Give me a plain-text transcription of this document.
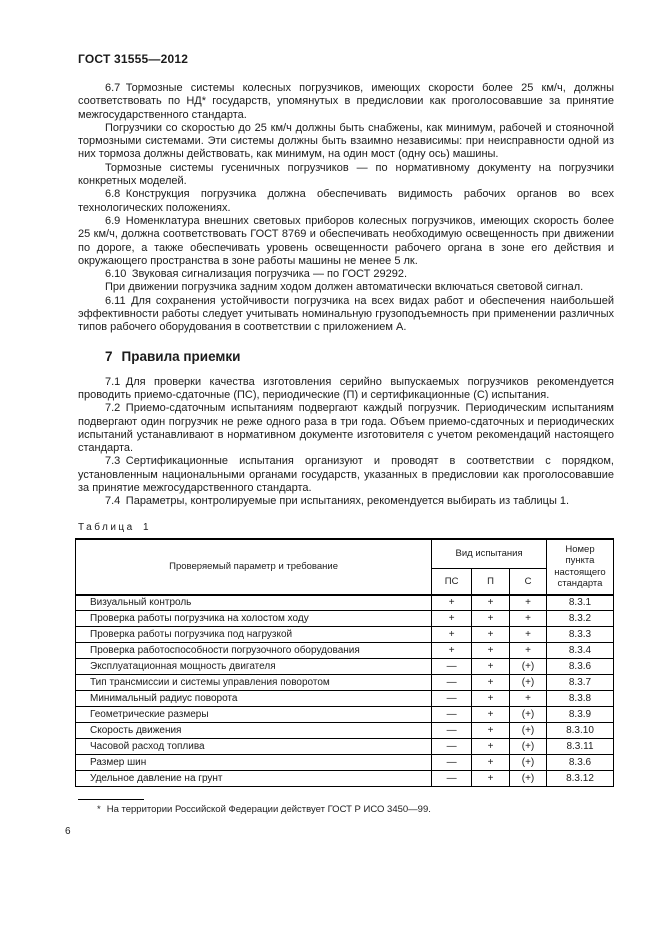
ГОСТ 31555—2012

6.7 Тормозные системы колесных погрузчиков, имеющих скорости более 25 км/ч, должны соответствовать по НД* государств, упомянутых в предисловии как проголосовавшие за принятие межгосударственного стандарта.

Погрузчики со скоростью до 25 км/ч должны быть снабжены, как минимум, рабочей и стояночной тормозными системами. Эти системы должны быть взаимно независимы: при неисправности одной из них тормоза должны действовать, как минимум, на один мост (одну ось) машины.

Тормозные системы гусеничных погрузчиков — по нормативному документу на погрузчики конкретных моделей.

6.8 Конструкция погрузчика должна обеспечивать видимость рабочих органов во всех технологических положениях.

6.9 Номенклатура внешних световых приборов колесных погрузчиков, имеющих скорость более 25 км/ч, должна соответствовать ГОСТ 8769 и обеспечивать необходимую освещенность при движении по дороге, а также обеспечивать уровень освещенности рабочего органа в зоне его действия и окружающего пространства в зоне работы машины не менее 5 лк.

6.10 Звуковая сигнализация погрузчика — по ГОСТ 29292.

При движении погрузчика задним ходом должен автоматически включаться световой сигнал.

6.11 Для сохранения устойчивости погрузчика на всех видах работ и обеспечения наибольшей эффективности работы следует учитывать номинальную грузоподъемность при применении различных типов рабочего оборудования в соответствии с приложением А.

7 Правила приемки

7.1 Для проверки качества изготовления серийно выпускаемых погрузчиков рекомендуется проводить приемо-сдаточные (ПС), периодические (П) и сертификационные (С) испытания.

7.2 Приемо-сдаточным испытаниям подвергают каждый погрузчик. Периодическим испытаниям подвергают один погрузчик не реже одного раза в три года. Объем приемо-сдаточных и периодических испытаний устанавливают в нормативном документе изготовителя с учетом рекомендаций настоящего стандарта.

7.3 Сертификационные испытания организуют и проводят в соответствии с порядком, установленным национальными органами государств, указанных в предисловии как проголосовавшие за принятие межгосударственного стандарта.

7.4 Параметры, контролируемые при испытаниях, рекомендуется выбирать из таблицы 1.

Таблица 1
Проверяемый параметр и требование	Вид испытания			Номер пункта настоящего стандарта
	ПС	П	С	
Визуальный контроль	+	+	+	8.3.1
Проверка работы погрузчика на холостом ходу	+	+	+	8.3.2
Проверка работы погрузчика под нагрузкой	+	+	+	8.3.3
Проверка работоспособности погрузочного оборудования	+	+	+	8.3.4
Эксплуатационная мощность двигателя	—	+	(+)	8.3.6
Тип трансмиссии и системы управления поворотом	—	+	(+)	8.3.7
Минимальный радиус поворота	—	+	+	8.3.8
Геометрические размеры	—	+	(+)	8.3.9
Скорость движения	—	+	(+)	8.3.10
Часовой расход топлива	—	+	(+)	8.3.11
Размер шин	—	+	(+)	8.3.6
Удельное давление на грунт	—	+	(+)	8.3.12
* На территории Российской Федерации действует ГОСТ Р ИСО 3450—99.
6
